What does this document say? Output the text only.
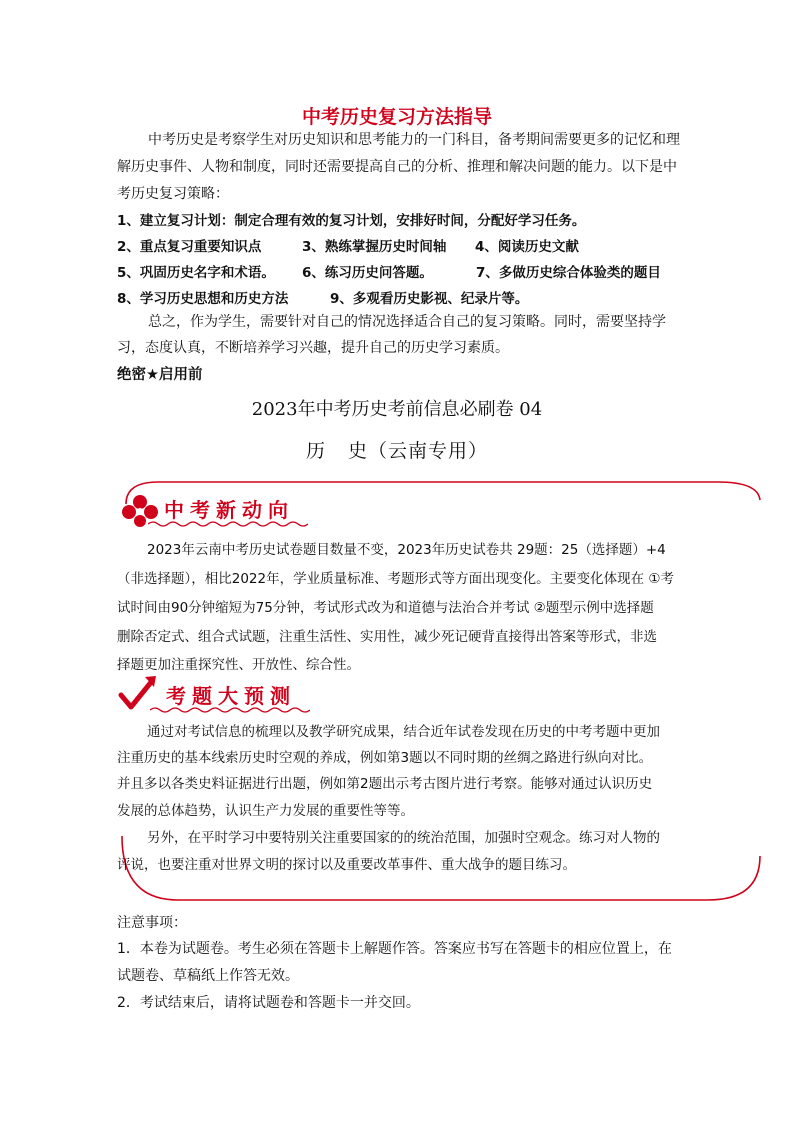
中考历史复习方法指导
中考历史是考察学生对历史知识和思考能力的一门科目，备考期间需要更多的记忆和理
解历史事件、人物和制度，同时还需要提高自己的分析、推理和解决问题的能力。以下是中
考历史复习策略：
1、建立复习计划：制定合理有效的复习计划，安排好时间，分配好学习任务。
2、重点复习重要知识点	3、熟练掌握历史时间轴 4、阅读历史文献
5、巩固历史名字和术语。 6、练习历史问答题。	7、多做历史综合体验类的题目
8、学习历史思想和历史方法	9、多观看历史影视、纪录片等。
总之，作为学生，需要针对自己的情况选择适合自己的复习策略。同时，需要坚持学
习，态度认真，不断培养学习兴趣，提升自己的历史学习素质。
绝密★启用前
2023年中考历史考前信息必刷卷 04
历 史（云南专用）
中考新动向
2023年云南中考历史试卷题目数量不变，2023年历史试卷共 29题：25（选择题）+4
（非选择题），相比2022年，学业质量标准、考题形式等方面出现变化。主要变化体现在 ①考
试时间由90分钟缩短为75分钟，考试形式改为和道德与法治合并考试 ②题型示例中选择题
删除否定式、组合式试题，注重生活性、实用性，减少死记硬背直接得出答案等形式，非选
择题更加注重探究性、开放性、综合性。
考题大预测
通过对考试信息的梳理以及教学研究成果，结合近年试卷发现在历史的中考考题中更加
注重历史的基本线索历史时空观的养成，例如第3题以不同时期的丝绸之路进行纵向对比。
并且多以各类史料证据进行出题，例如第2题出示考古图片进行考察。能够对通过认识历史
发展的总体趋势，认识生产力发展的重要性等等。
另外，在平时学习中要特别关注重要国家的的统治范围，加强时空观念。练习对人物的
评说，也要注重对世界文明的探讨以及重要改革事件、重大战争的题目练习。
注意事项：
1．本卷为试题卷。考生必须在答题卡上解题作答。答案应书写在答题卡的相应位置上，在
试题卷、草稿纸上作答无效。
2．考试结束后，请将试题卷和答题卡一并交回。
